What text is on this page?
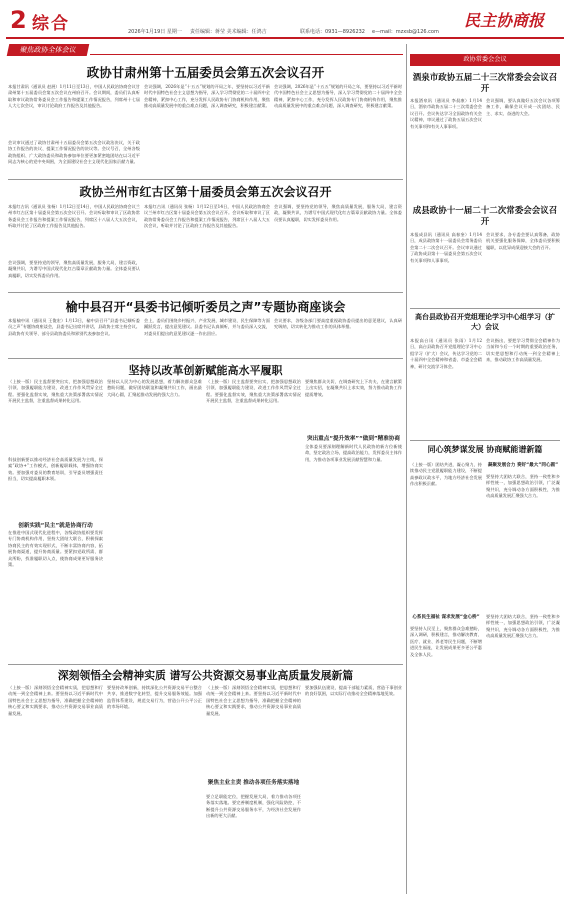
2 综合	2026年1月19日 星期一 责任编辑：蒋莹 美术编辑：任鸿吉	联系电话：0931—8926232 e—mail：mzxsb@126.com
民主协商报
聚焦政协全体会议
政协常委会会议
政协甘肃州第十五届委员会第五次会议召开
本报甘肃讯（通讯员 赵展）1月11日至13日，中国人民政治协商会议甘肃州第十五届委员会第五次会议在州府召开。会议期间，委员们认真听取和审议政协常务委员会工作报告和提案工作情况报告，列席州十七届人大七次会议，审议讨论政府工作报告及其他报告。
会议审议通过了政协甘肃州十五届委员会第五次会议政治决议，关于政协工作报告的决议、提案工作情况报告的决议等。会议号召，全州各级政协组织、广大政协委员和政协参加单位要更加紧密地团结在以习近平同志为核心的党中央周围，为全面建设社会主义现代化国家贡献力量。
会议强调，2026年是“十五五”规划的开局之年，要坚持以习近平新时代中国特色社会主义思想为指导，深入学习贯彻党的二十届四中全会精神，紧扣中心工作，充分发挥人民政协专门协商机构作用，聚焦推动高质量发展中的重点难点问题，深入调查研究，积极建言献策。
会议强调，2026年是“十五五”规划的开局之年，要坚持以习近平新时代中国特色社会主义思想为指导，深入学习贯彻党的二十届四中全会精神，紧扣中心工作，充分发挥人民政协专门协商机构作用，聚焦推动高质量发展中的重点难点问题，深入调查研究，积极建言献策。
政协兰州市红古区第十届委员会第五次会议召开
本报红古讯（通讯员 张杨）1月12日至14日，中国人民政治协商会议兰州市红古区第十届委员会第五次会议召开。会议听取和审议了区政协常务委员会工作报告和提案工作情况报告，列席区十八届人大五次会议，听取并讨论了区政府工作报告及其他报告。
会议强调，要坚持党的领导，聚焦高质量发展，服务大局，建言资政，凝聚共识，为谱写中国式现代化红古篇章贡献政协力量。全体委员要认真履职，切实发挥委员作用。
本报红古讯（通讯员 张杨）1月12日至14日，中国人民政治协商会议兰州市红古区第十届委员会第五次会议召开。会议听取和审议了区政协常务委员会工作报告和提案工作情况报告，列席区十八届人大五次会议，听取并讨论了区政府工作报告及其他报告。
会议强调，要坚持党的领导，聚焦高质量发展，服务大局，建言资政，凝聚共识，为谱写中国式现代化红古篇章贡献政协力量。全体委员要认真履职，切实发挥委员作用。
榆中县召开“县委书记倾听委员之声”专题协商座谈会
本报榆中讯（通讯员 王俊宏）1月13日，榆中县召开“县委书记倾听委员之声”专题协商座谈会，县委书记出席并讲话，县政协主席主持会议。县政协有关领导、部分县政协委员和界别代表参加会议。
会上，委员们围绕乡村振兴、产业发展、城市建设、民生保障等方面踊跃发言，提出意见建议。县委书记认真倾听，并与委员深入交流，对委员们提出的意见建议逐一作出回应。
会议要求，各级各部门要高度重视政协委员提出的意见建议，认真研究吸纳，切实转化为推动工作的具体举措。
坚持以改革创新赋能高水平履职
（上接一版）民主监督要突出实，把加强思想政治引领、加强履职能力建设、改进工作作风贯穿全过程。要强化监督实效，聚焦重大决策部署落实情况开展民主监督，注重监督成果转化运用。
科技创新要以推动经济社会高质量发展为主线，探索“政协+”工作模式，创新履职载体，增强协商实效。要加强对委员的教育培训，引导委员增强责任担当，切实提高履职本领。
创新实践“民主”就是协商行动
在推进中国式现代化进程中，各级政协组织要发挥专门协商机构作用，坚持大团结大联合，积极探索协商民主的有效实现形式，不断丰富协商内容，拓展协商渠道，提升协商质量。要紧扣党政所需、群众所盼，找准履职切入点，使协商成果更好服务决策。
坚持以人民为中心的发展思想，着力解决群众急难愁盼问题，做好团结联谊和凝聚共识工作，画出最大同心圆，汇聚起推动发展的强大合力。
（上接一版）民主监督要突出实，把加强思想政治引领、加强履职能力建设、改进工作作风贯穿全过程。要强化监督实效，聚焦重大决策部署落实情况开展民主监督，注重监督成果转化运用。
要聚焦群众关切，在调查研究上下功夫，在建言献策上出实招，在凝聚共识上求实效，努力推动政协工作提质增效。
突出重点“提升效率”“做到”精准协商
全体委员要深刻理解新时代人民政协的新方位新使命，坚定政治立场，提高政治能力，发挥委员主体作用，为推动各项事业发展贡献智慧和力量。
深刻领悟全会精神实质 谱写公共资源交易事业高质量发展新篇
（上接一版）深刻领悟全会精神实质，把思想和行动统一到全会精神上来。要坚持以习近平新时代中国特色社会主义思想为指导，准确把握全会精神的核心要义和实践要求，推动公共资源交易事业高质量发展。
要坚持改革创新，持续深化公共资源交易平台整合共享，推进数字化转型，提升交易服务效能。加强监管体系建设，规范交易行为，营造公开公平公正的市场环境。
聚焦主业主责 推动各项任务落实落地
（上接一版）深刻领悟全会精神实质，把思想和行动统一到全会精神上来。要坚持以习近平新时代中国特色社会主义思想为指导，准确把握全会精神的核心要义和实践要求，推动公共资源交易事业高质量发展。
要立足职能定位，把握发展大局，着力推动各项任务落实落地。要完善制度机制，强化风险防控，不断提升公共资源交易服务水平，为经济社会发展作出新的更大贡献。
要加强队伍建设，提高干部能力素质，营造干事创业的良好氛围，以实际行动推动全会精神落地见效。
酒泉市政协五届二十三次常委会会议召开
本报酒泉讯（通讯员 李叔康）1月14日，酒泉市政协五届二十三次常委会会议召开。会议传达学习全国政协有关会议精神，审议通过了政协五届五次会议有关事项和有关人事事项。
会议强调，要认真做好五次会议各项筹备工作，确保会议开成一次团结、民主、求实、奋进的大会。
成县政协十一届二十二次常委会会议召开
本报成县讯（通讯员 高春奎）1月14日，成县政协第十一届委员会常务委员会第二十二次会议召开。会议审议通过了政协成县第十一届委员会第五次会议有关事项和人事事项。
会议要求，各专委会要认真筹备，政协机关要强化服务保障，全体委员要积极履职，以优异成绩迎接大会的召开。
高台县政协召开党组理论学习中心组学习（扩大）会议
本报高台讯（通讯员 张雨）1月12日，高台县政协召开党组理论学习中心组学习（扩大）会议，传达学习党的二十届四中全会精神和省委、市委全会精神，研讨交流学习体会。
会议指出，要把学习贯彻全会精神作为当前和今后一个时期的重要政治任务，切实把思想和行动统一到全会精神上来，推动政协工作高质量发展。
同心筑梦谋发展 协商赋能谱新篇
（上接一版）团结共进，凝心聚力，持续推动民主党派履职能力建设，不断提高参政议政水平，为地方经济社会发展作出积极贡献。
凝聚发展合力 奏好“最大”同心圆”
要坚持大团结大联合，坚持一致性和多样性统一，加强思想政治引领，广泛凝聚共识，充分调动各方面积极性，为推动高质量发展汇聚强大合力。
心系民生福祉 谋求发展“金心桥”
要坚持人民至上，聚焦群众急难愁盼，深入调研，积极建言，推动解决教育、医疗、就业、养老等民生问题，不断增进民生福祉，让发展成果更多更公平惠及全体人民。
要坚持大团结大联合，坚持一致性和多样性统一，加强思想政治引领，广泛凝聚共识，充分调动各方面积极性，为推动高质量发展汇聚强大合力。
